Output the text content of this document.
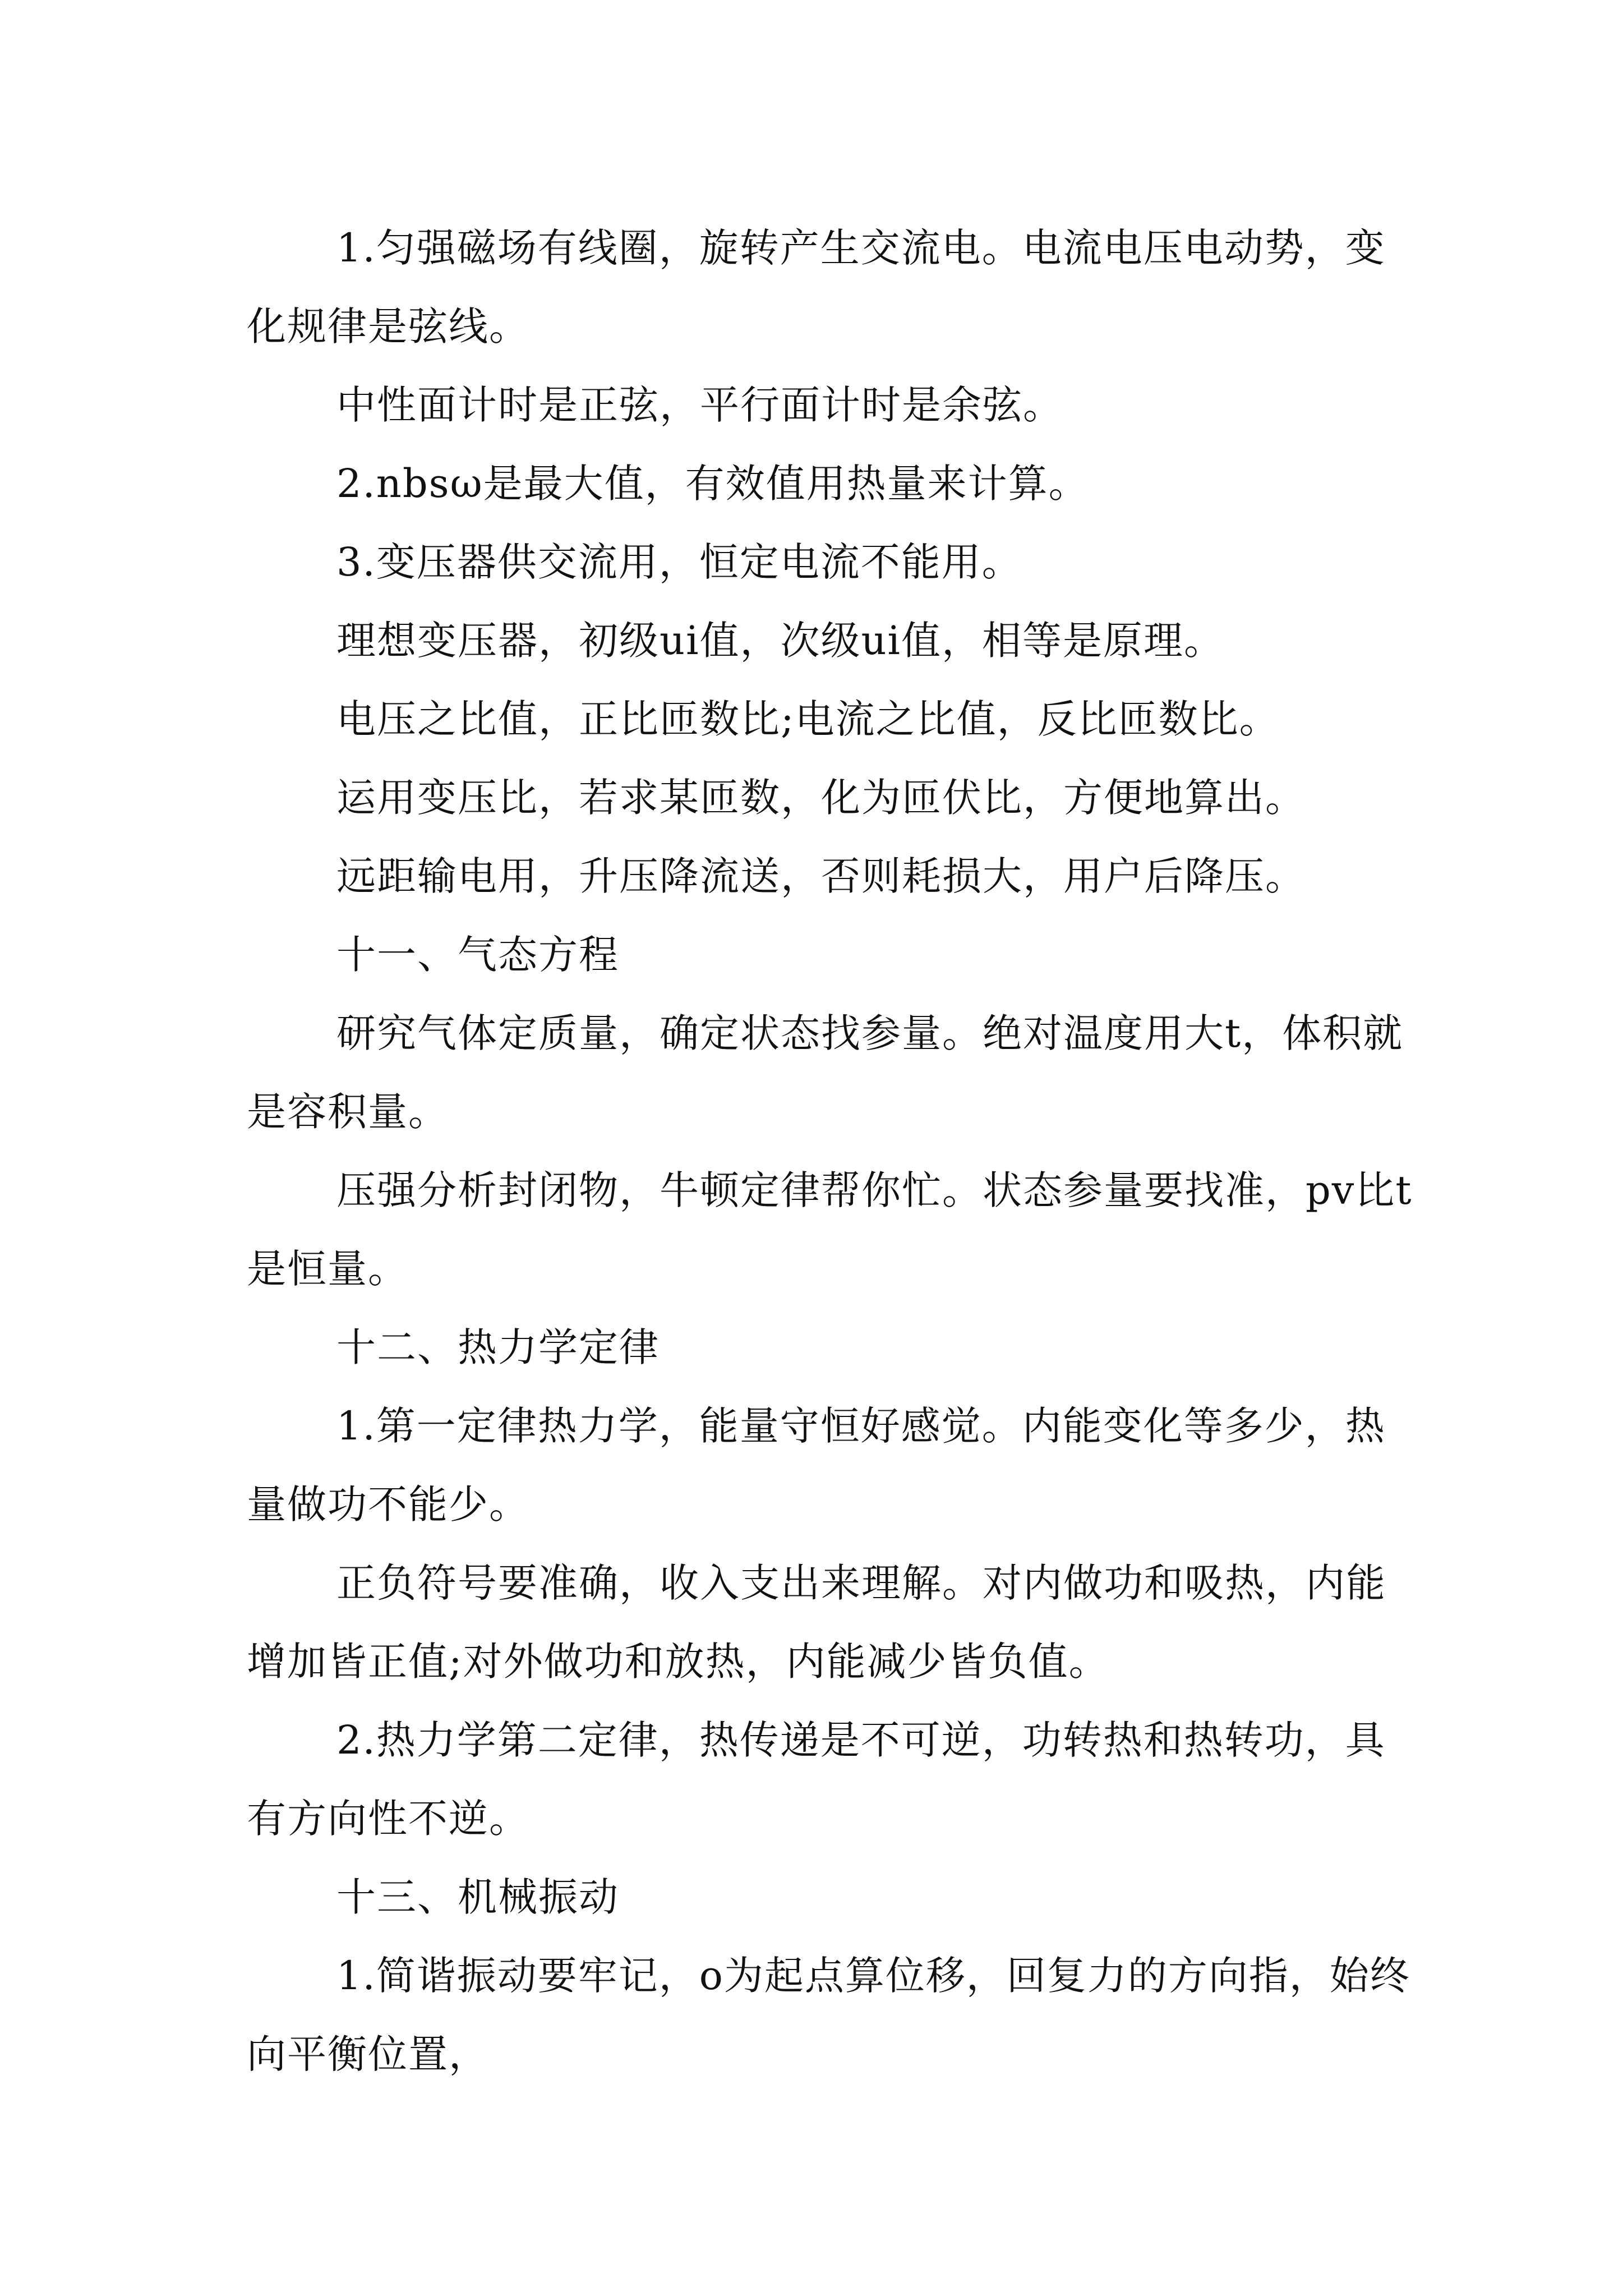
1.匀强磁场有线圈，旋转产生交流电。电流电压电动势，变化规律是弦线。

中性面计时是正弦，平行面计时是余弦。

2.nbsω是最大值，有效值用热量来计算。

3.变压器供交流用，恒定电流不能用。

理想变压器，初级ui值，次级ui值，相等是原理。

电压之比值，正比匝数比;电流之比值，反比匝数比。

运用变压比，若求某匝数，化为匝伏比，方便地算出。

远距输电用，升压降流送，否则耗损大，用户后降压。

十一、气态方程

研究气体定质量，确定状态找参量。绝对温度用大t，体积就是容积量。

压强分析封闭物，牛顿定律帮你忙。状态参量要找准，pv比t是恒量。

十二、热力学定律

1.第一定律热力学，能量守恒好感觉。内能变化等多少，热量做功不能少。

正负符号要准确，收入支出来理解。对内做功和吸热，内能增加皆正值;对外做功和放热，内能减少皆负值。

2.热力学第二定律，热传递是不可逆，功转热和热转功，具有方向性不逆。

十三、机械振动

1.简谐振动要牢记，o为起点算位移，回复力的方向指，始终向平衡位置，
